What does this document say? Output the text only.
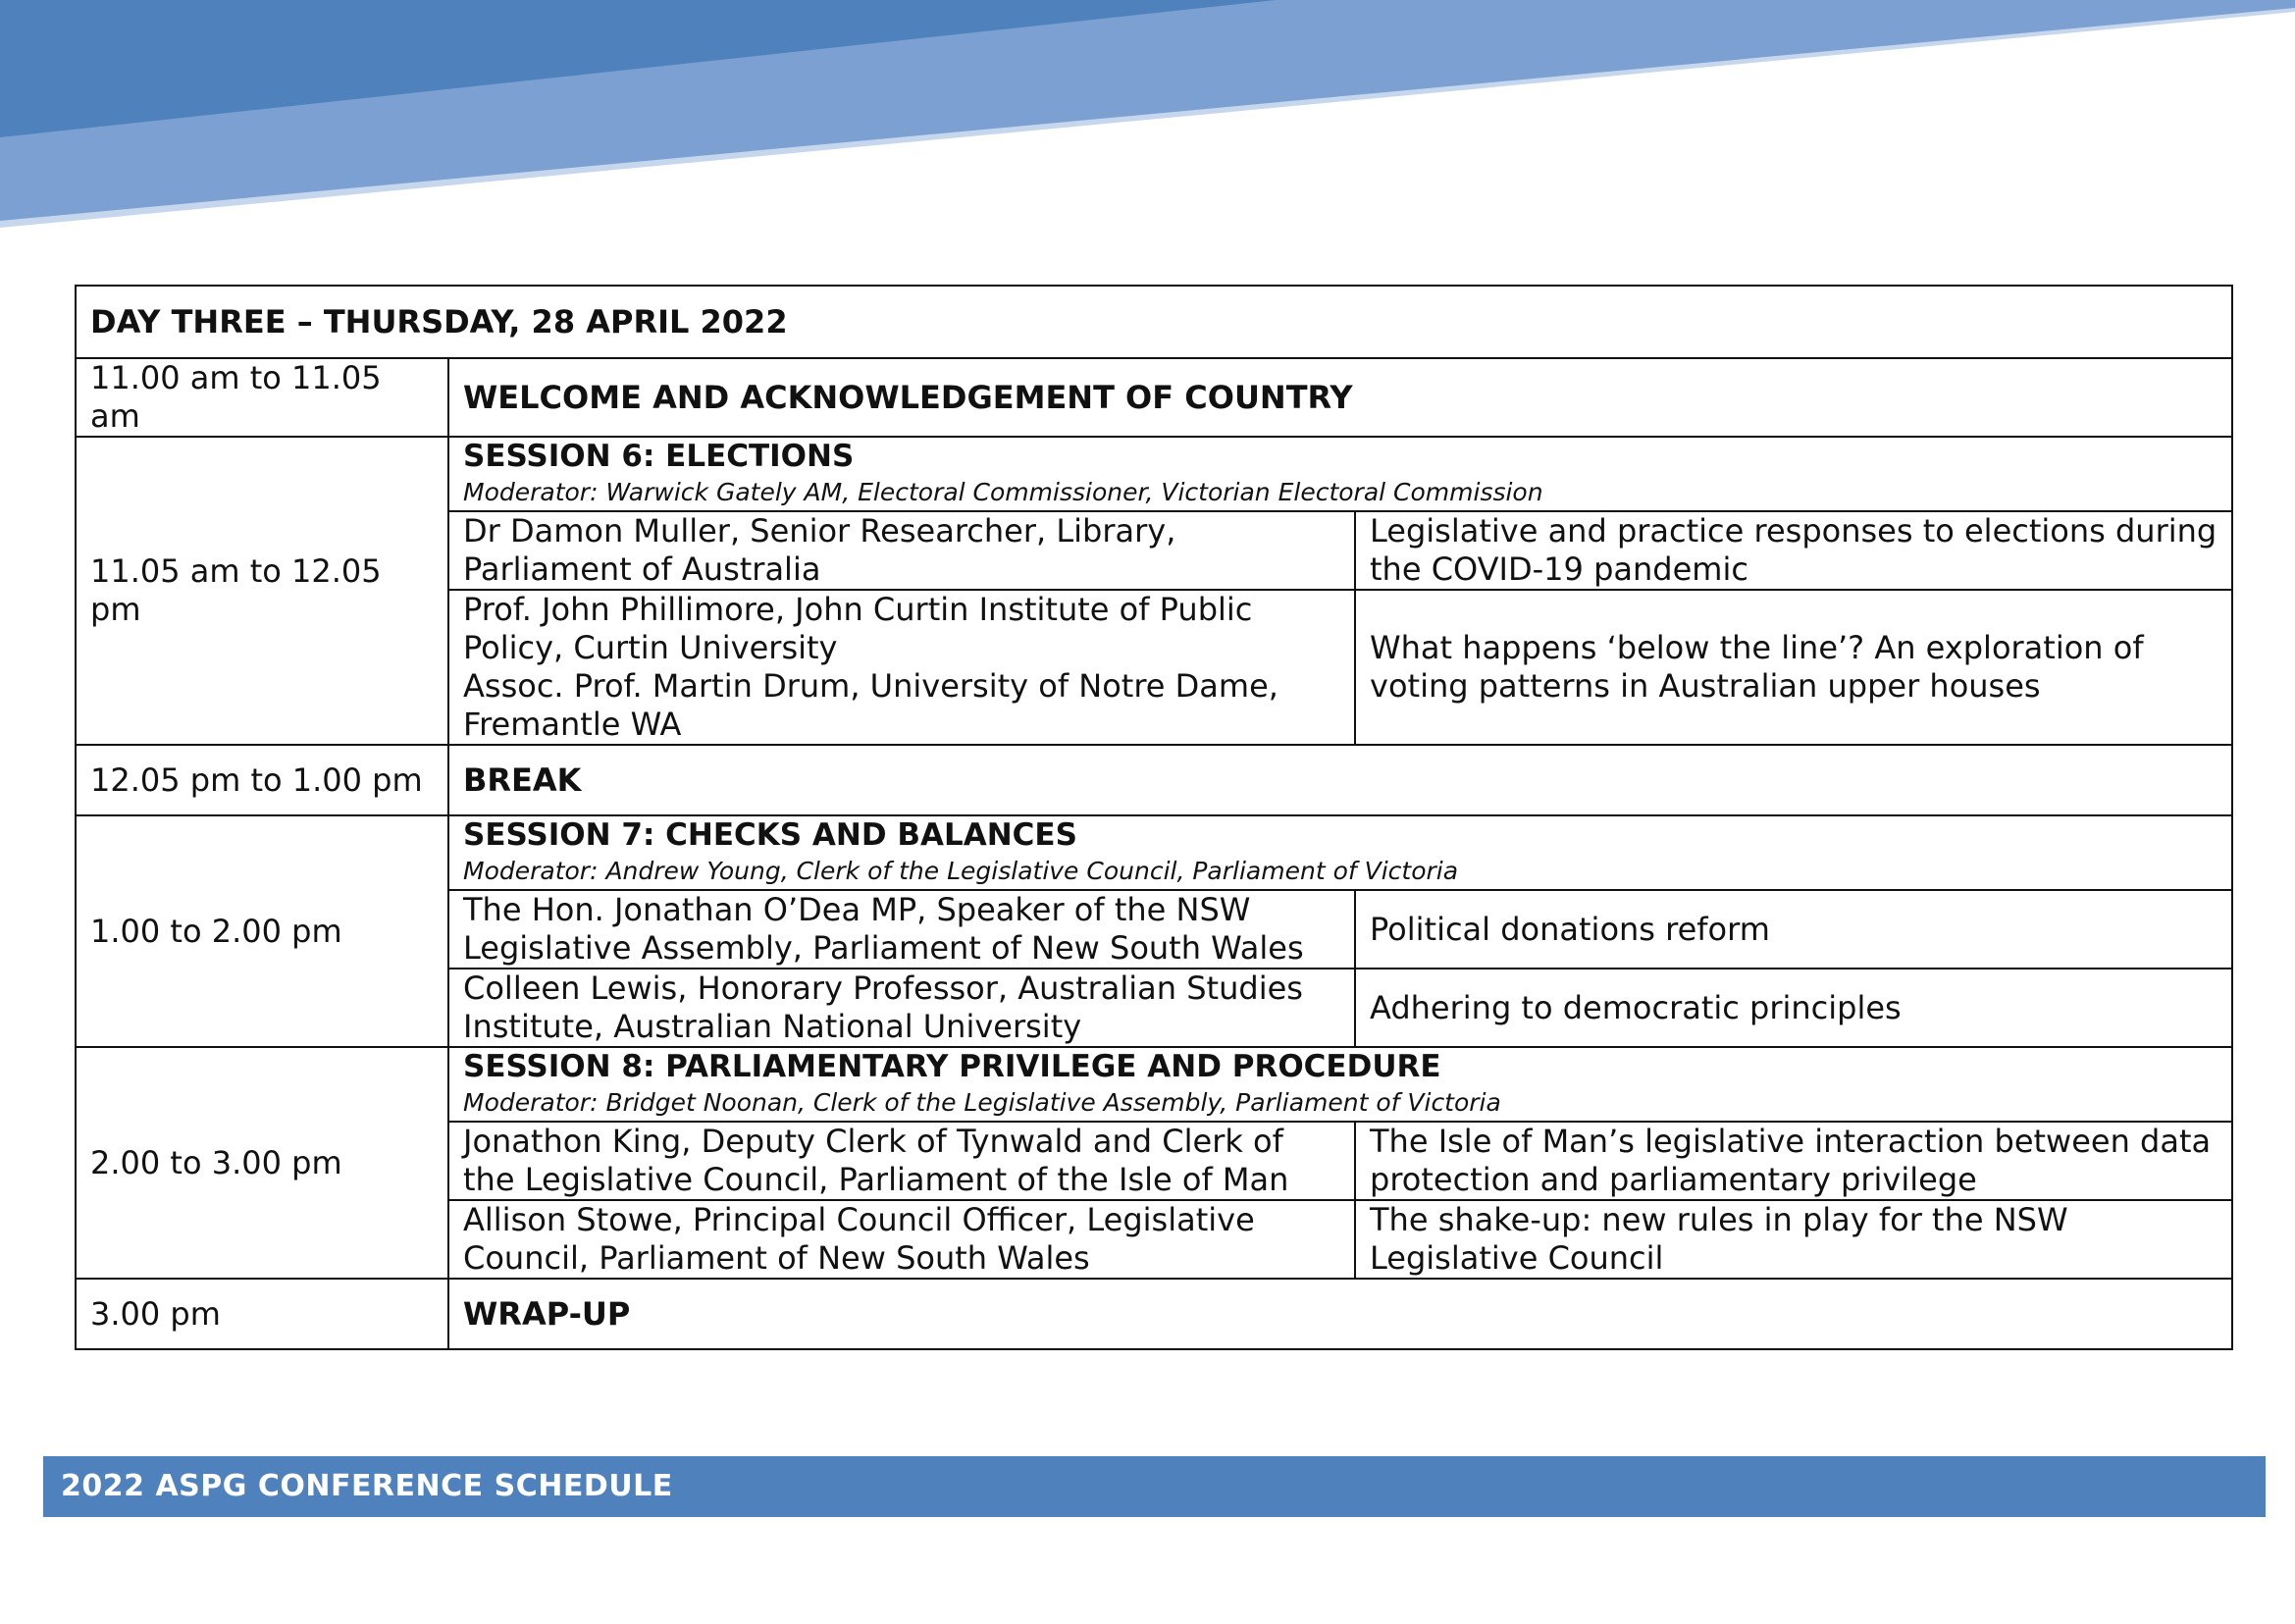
DAY THREE – THURSDAY, 28 APRIL 2022		
11.00 am to 11.05 am	WELCOME AND ACKNOWLEDGEMENT OF COUNTRY	
11.05 am to 12.05 pm	SESSION 6: ELECTIONS
Moderator: Warwick Gately AM, Electoral Commissioner, Victorian Electoral Commission	

	Dr Damon Muller, Senior Researcher, Library, Parliament of Australia	Legislative and practice responses to elections during the COVID-19 pandemic

	Prof. John Phillimore, John Curtin Institute of Public Policy, Curtin University
Assoc. Prof. Martin Drum, University of Notre Dame, Fremantle WA	What happens ‘below the line’? An exploration of voting patterns in Australian upper houses
12.05 pm to 1.00 pm	BREAK	
1.00 to 2.00 pm	SESSION 7: CHECKS AND BALANCES
Moderator: Andrew Young, Clerk of the Legislative Council, Parliament of Victoria	

	The Hon. Jonathan O’Dea MP, Speaker of the NSW Legislative Assembly, Parliament of New South Wales	Political donations reform
	Colleen Lewis, Honorary Professor, Australian Studies Institute, Australian National University	Adhering to democratic principles
2.00 to 3.00 pm	SESSION 8: PARLIAMENTARY PRIVILEGE AND PROCEDURE
Moderator: Bridget Noonan, Clerk of the Legislative Assembly, Parliament of Victoria	

	Jonathon King, Deputy Clerk of Tynwald and Clerk of the Legislative Council, Parliament of the Isle of Man	The Isle of Man’s legislative interaction between data protection and parliamentary privilege
	Allison Stowe, Principal Council Officer, Legislative Council, Parliament of New South Wales	The shake-up: new rules in play for the NSW Legislative Council
3.00 pm	WRAP-UP	
2022 ASPG CONFERENCE SCHEDULE
